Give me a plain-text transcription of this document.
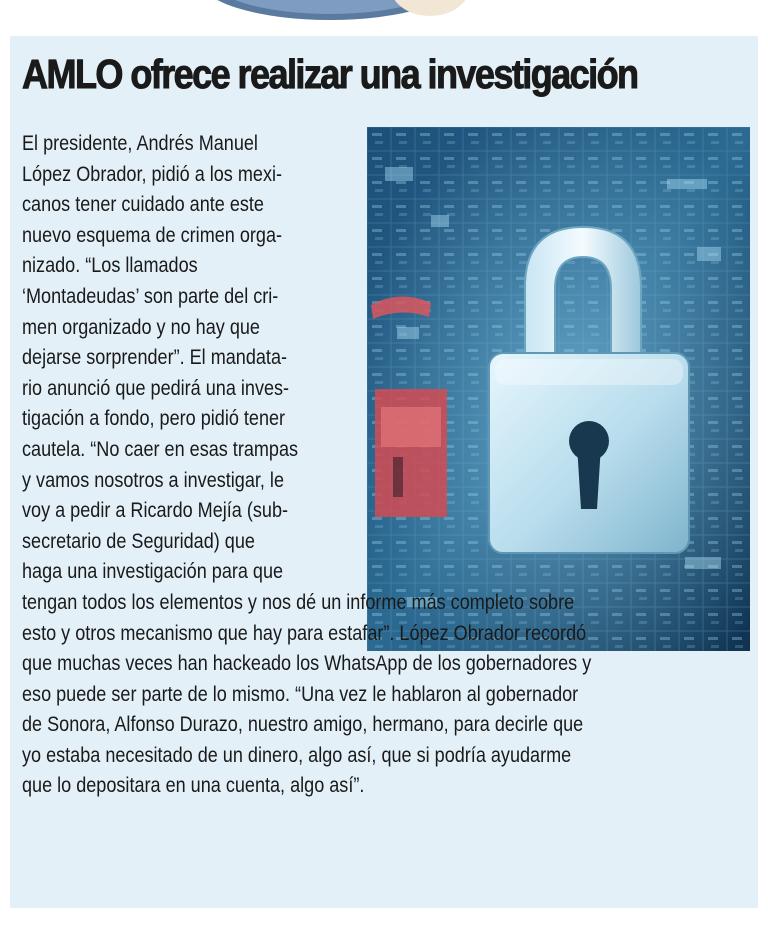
AMLO ofrece realizar una investigación
El presidente, Andrés Manuel
López Obrador, pidió a los mexi-
canos tener cuidado ante este
nuevo esquema de crimen orga-
nizado. “Los llamados
‘Montadeudas’ son parte del cri-
men organizado y no hay que
dejarse sorprender”. El mandata-
rio anunció que pedirá una inves-
tigación a fondo, pero pidió tener
cautela. “No caer en esas trampas
y vamos nosotros a investigar, le
voy a pedir a Ricardo Mejía (sub-
secretario de Seguridad) que
haga una investigación para que
tengan todos los elementos y nos dé un informe más completo sobre
esto y otros mecanismo que hay para estafar”. López Obrador recordó
que muchas veces han hackeado los WhatsApp de los gobernadores y
eso puede ser parte de lo mismo. “Una vez le hablaron al gobernador
de Sonora, Alfonso Durazo, nuestro amigo, hermano, para decirle que
yo estaba necesitado de un dinero, algo así, que si podría ayudarme
que lo depositara en una cuenta, algo así”.
